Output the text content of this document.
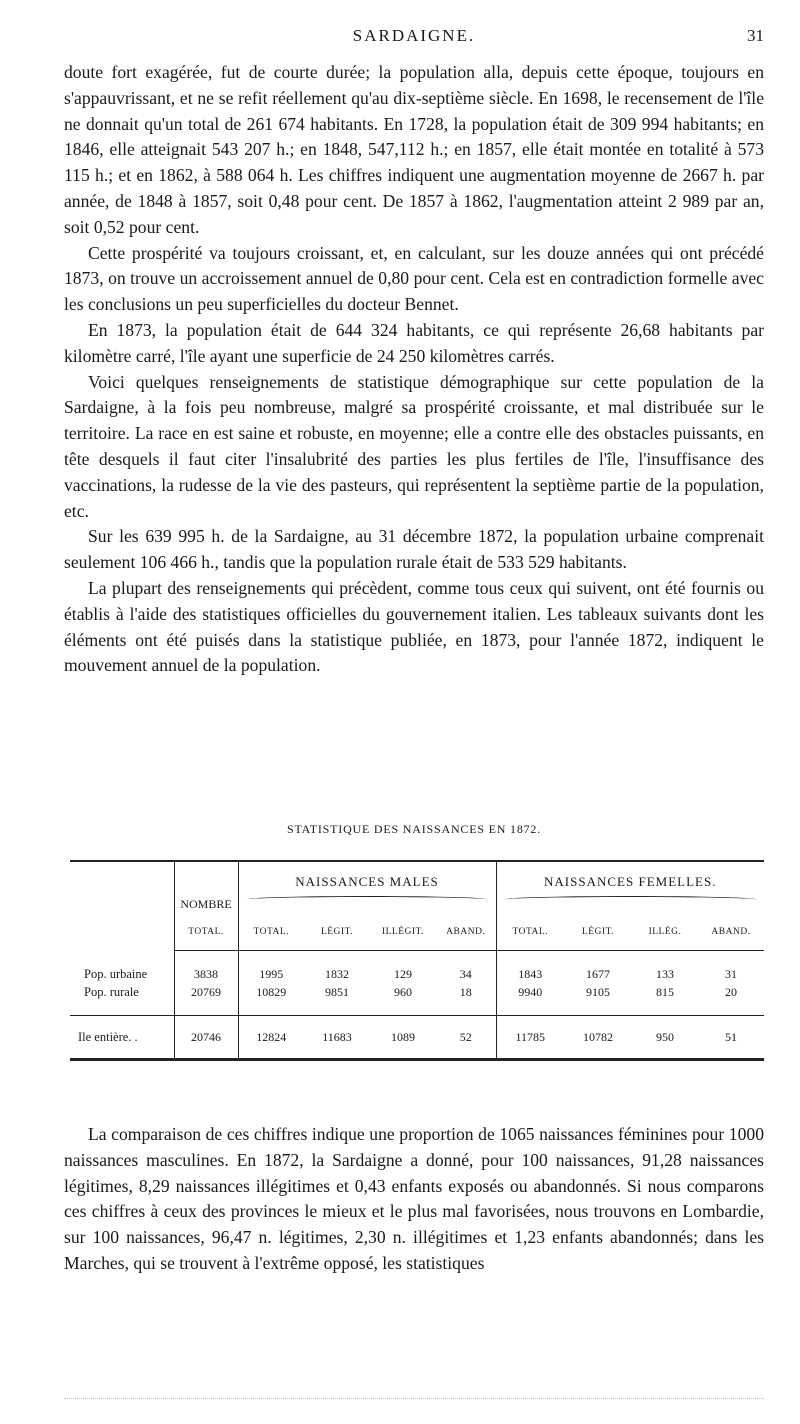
SARDAIGNE.	31

doute fort exagérée, fut de courte durée; la population alla, depuis cette époque, toujours en s'appauvrissant, et ne se refit réellement qu'au dix-septième siècle. En 1698, le recensement de l'île ne donnait qu'un total de 261 674 habitants. En 1728, la population était de 309 994 habitants; en 1846, elle atteignait 543 207 h.; en 1848, 547,112 h.; en 1857, elle était montée en totalité à 573 115 h.; et en 1862, à 588 064 h. Les chiffres indiquent une augmentation moyenne de 2667 h. par année, de 1848 à 1857, soit 0,48 pour cent. De 1857 à 1862, l'augmentation atteint 2 989 par an, soit 0,52 pour cent.

Cette prospérité va toujours croissant, et, en calculant, sur les douze années qui ont précédé 1873, on trouve un accroissement annuel de 0,80 pour cent. Cela est en contradiction formelle avec les conclusions un peu superficielles du docteur Bennet.

En 1873, la population était de 644 324 habitants, ce qui représente 26,68 habitants par kilomètre carré, l'île ayant une superficie de 24 250 kilomètres carrés.

Voici quelques renseignements de statistique démographique sur cette population de la Sardaigne, à la fois peu nombreuse, malgré sa prospérité croissante, et mal distribuée sur le territoire. La race en est saine et robuste, en moyenne; elle a contre elle des obstacles puissants, en tête desquels il faut citer l'insalubrité des parties les plus fertiles de l'île, l'insuffisance des vaccinations, la rudesse de la vie des pasteurs, qui représentent la septième partie de la population, etc.

Sur les 639 995 h. de la Sardaigne, au 31 décembre 1872, la population urbaine comprenait seulement 106 466 h., tandis que la population rurale était de 533 529 habitants.

La plupart des renseignements qui précèdent, comme tous ceux qui suivent, ont été fournis ou établis à l'aide des statistiques officielles du gouvernement italien. Les tableaux suivants dont les éléments ont été puisés dans la statistique publiée, en 1873, pour l'année 1872, indiquent le mouvement annuel de la population.

STATISTIQUE DES NAISSANCES EN 1872.
	NOMBRE	NAISSANCES MALES				NAISSANCES FEMELLES.			

	TOTAL.	TOTAL.	LÉGIT.	ILLÉGIT.	ABAND.	TOTAL.	LÉGIT.	ILLÉG.	ABAND.

Pop. urbaine	3838	1995	1832	129	34	1843	1677	133	31
Pop. rurale	20769	10829	9851	960	18	9940	9105	815	20

Ile entière. .	20746	12824	11683	1089	52	11785	10782	950	51

La comparaison de ces chiffres indique une proportion de 1065 naissances féminines pour 1000 naissances masculines. En 1872, la Sardaigne a donné, pour 100 naissances, 91,28 naissances légitimes, 8,29 naissances illégitimes et 0,43 enfants exposés ou abandonnés. Si nous comparons ces chiffres à ceux des provinces le mieux et le plus mal favorisées, nous trouvons en Lombardie, sur 100 naissances, 96,47 n. légitimes, 2,30 n. illégitimes et 1,23 enfants abandonnés; dans les Marches, qui se trouvent à l'extrême opposé, les statistiques
